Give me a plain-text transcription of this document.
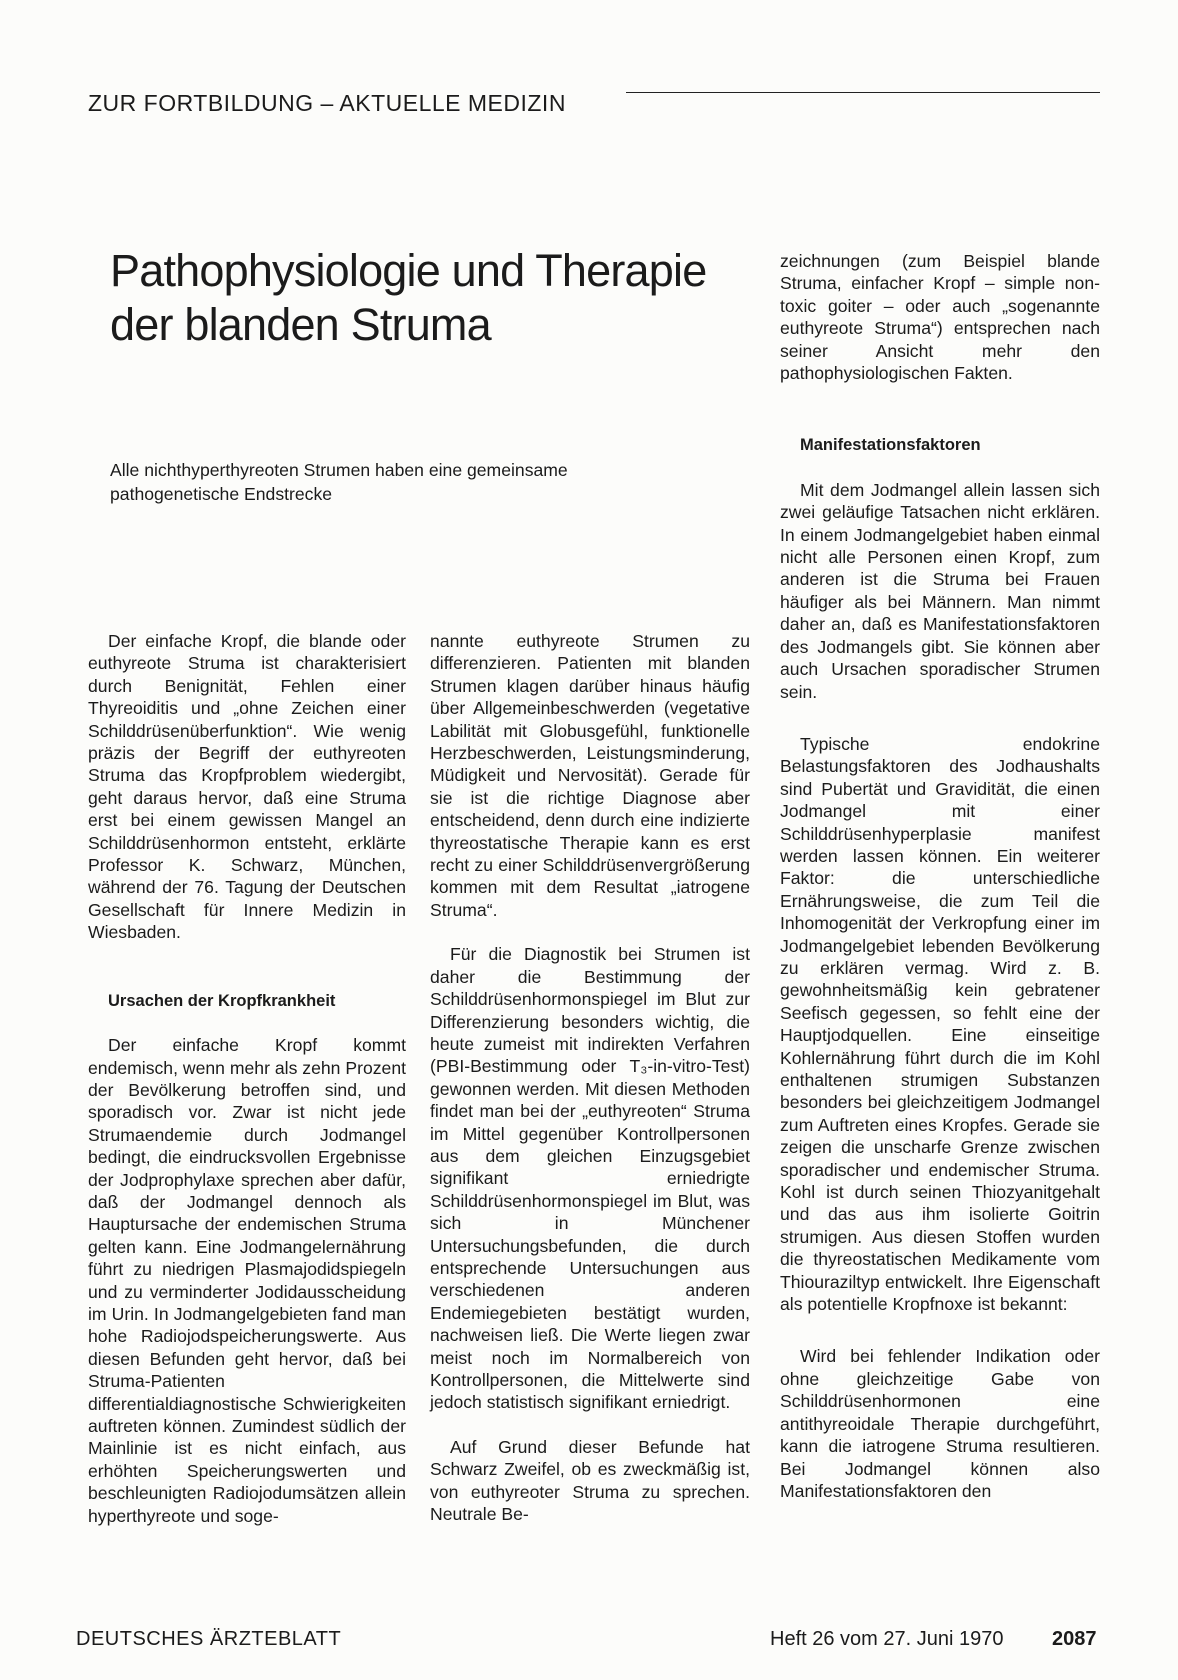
ZUR FORTBILDUNG – AKTUELLE MEDIZIN
Pathophysiologie und Therapie
der blanden Struma
Alle nichthyperthyreoten Strumen haben eine gemeinsame pathogenetische Endstrecke

Der einfache Kropf, die blande oder euthyreote Struma ist charakterisiert durch Benignität, Fehlen einer Thyreoiditis und „ohne Zeichen einer Schilddrüsenüberfunktion“. Wie wenig präzis der Begriff der euthyreoten Struma das Kropfproblem wiedergibt, geht daraus hervor, daß eine Struma erst bei einem gewissen Mangel an Schilddrüsenhormon entsteht, erklärte Professor K. Schwarz, München, während der 76. Tagung der Deutschen Gesellschaft für Innere Medizin in Wiesbaden.

Ursachen der Kropfkrankheit

Der einfache Kropf kommt endemisch, wenn mehr als zehn Prozent der Bevölkerung betroffen sind, und sporadisch vor. Zwar ist nicht jede Strumaendemie durch Jodmangel bedingt, die eindrucksvollen Ergebnisse der Jodprophylaxe sprechen aber dafür, daß der Jodmangel dennoch als Hauptursache der endemischen Struma gelten kann. Eine Jodmangelernährung führt zu niedrigen Plasmajodidspiegeln und zu verminderter Jodidausscheidung im Urin. In Jodmangelgebieten fand man hohe Radiojodspeicherungswerte. Aus diesen Befunden geht hervor, daß bei Struma-Patienten differentialdiagnostische Schwierigkeiten auftreten können. Zumindest südlich der Mainlinie ist es nicht einfach, aus erhöhten Speicherungswerten und beschleunigten Radiojodumsätzen allein hyperthyreote und soge-

nannte euthyreote Strumen zu differenzieren. Patienten mit blanden Strumen klagen darüber hinaus häufig über Allgemeinbeschwerden (vegetative Labilität mit Globusgefühl, funktionelle Herzbeschwerden, Leistungsminderung, Müdigkeit und Nervosität). Gerade für sie ist die richtige Diagnose aber entscheidend, denn durch eine indizierte thyreostatische Therapie kann es erst recht zu einer Schilddrüsenvergrößerung kommen mit dem Resultat „iatrogene Struma“.

Für die Diagnostik bei Strumen ist daher die Bestimmung der Schilddrüsenhormonspiegel im Blut zur Differenzierung besonders wichtig, die heute zumeist mit indirekten Verfahren (PBI-Bestimmung oder T₃-in-vitro-Test) gewonnen werden. Mit diesen Methoden findet man bei der „euthyreoten“ Struma im Mittel gegenüber Kontrollpersonen aus dem gleichen Einzugsgebiet signifikant erniedrigte Schilddrüsenhormonspiegel im Blut, was sich in Münchener Untersuchungsbefunden, die durch entsprechende Untersuchungen aus verschiedenen anderen Endemiegebieten bestätigt wurden, nachweisen ließ. Die Werte liegen zwar meist noch im Normalbereich von Kontrollpersonen, die Mittelwerte sind jedoch statistisch signifikant erniedrigt.

Auf Grund dieser Befunde hat Schwarz Zweifel, ob es zweckmäßig ist, von euthyreoter Struma zu sprechen. Neutrale Be-

zeichnungen (zum Beispiel blande Struma, einfacher Kropf – simple non-toxic goiter – oder auch „sogenannte euthyreote Struma“) entsprechen nach seiner Ansicht mehr den pathophysiologischen Fakten.

Manifestationsfaktoren

Mit dem Jodmangel allein lassen sich zwei geläufige Tatsachen nicht erklären. In einem Jodmangelgebiet haben einmal nicht alle Personen einen Kropf, zum anderen ist die Struma bei Frauen häufiger als bei Männern. Man nimmt daher an, daß es Manifestationsfaktoren des Jodmangels gibt. Sie können aber auch Ursachen sporadischer Strumen sein.

Typische endokrine Belastungsfaktoren des Jodhaushalts sind Pubertät und Gravidität, die einen Jodmangel mit einer Schilddrüsenhyperplasie manifest werden lassen können. Ein weiterer Faktor: die unterschiedliche Ernährungsweise, die zum Teil die Inhomogenität der Verkropfung einer im Jodmangelgebiet lebenden Bevölkerung zu erklären vermag. Wird z. B. gewohnheitsmäßig kein gebratener Seefisch gegessen, so fehlt eine der Hauptjodquellen. Eine einseitige Kohlernährung führt durch die im Kohl enthaltenen strumigen Substanzen besonders bei gleichzeitigem Jodmangel zum Auftreten eines Kropfes. Gerade sie zeigen die unscharfe Grenze zwischen sporadischer und endemischer Struma. Kohl ist durch seinen Thiozyanitgehalt und das aus ihm isolierte Goitrin strumigen. Aus diesen Stoffen wurden die thyreostatischen Medikamente vom Thiouraziltyp entwickelt. Ihre Eigenschaft als potentielle Kropfnoxe ist bekannt:

Wird bei fehlender Indikation oder ohne gleichzeitige Gabe von Schilddrüsenhormonen eine antithyreoidale Therapie durchgeführt, kann die iatrogene Struma resultieren. Bei Jodmangel können also Manifestationsfaktoren den

DEUTSCHES ÄRZTEBLATT	Heft 26 vom 27. Juni 1970 2087
